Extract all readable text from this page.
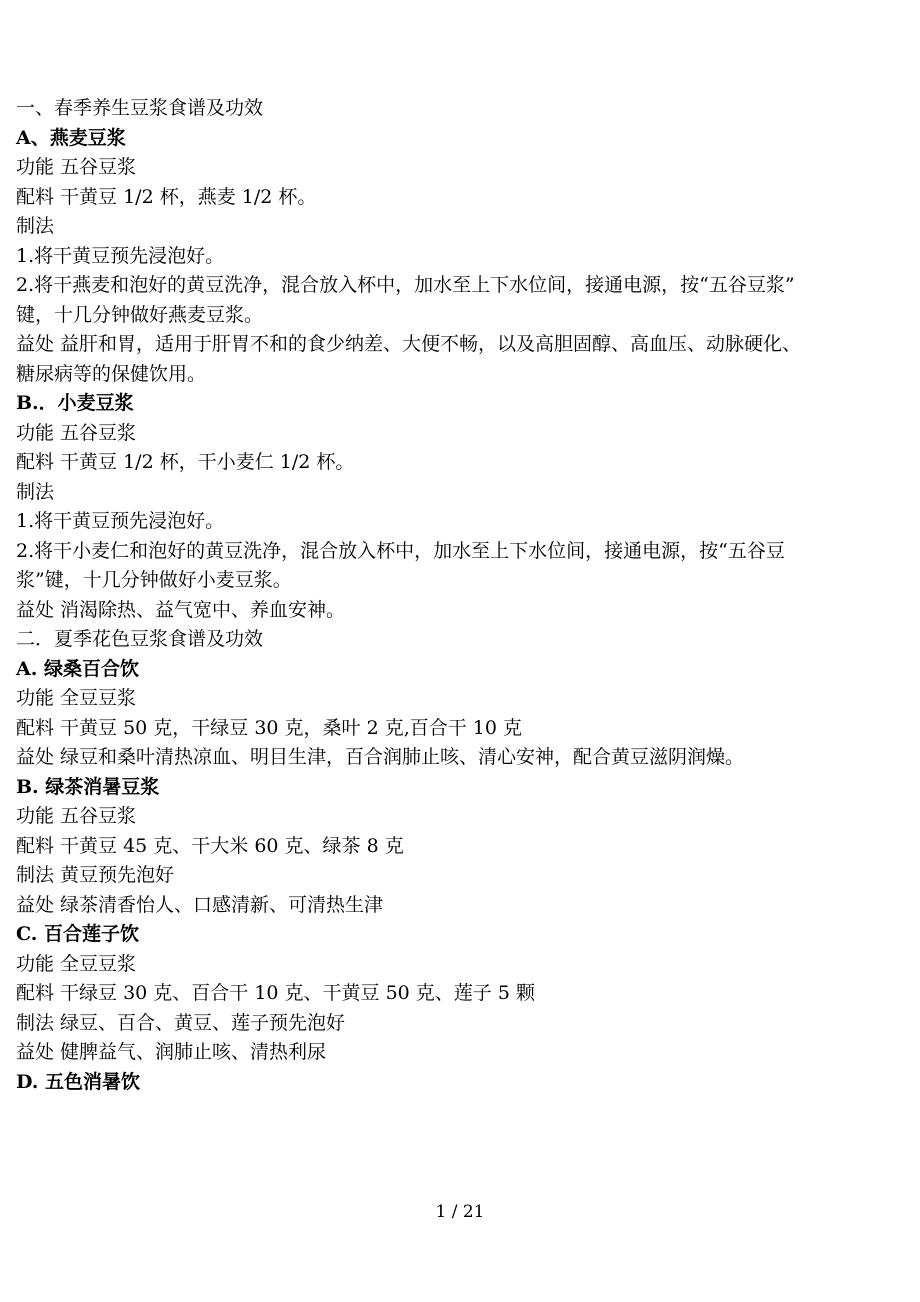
一、春季养生豆浆食谱及功效
A、燕麦豆浆
功能 五谷豆浆
配料 干黄豆 1/2 杯，燕麦 1/2 杯。
制法
1.将干黄豆预先浸泡好。
2.将干燕麦和泡好的黄豆洗净，混合放入杯中，加水至上下水位间，接通电源，按“五谷豆浆”
键，十几分钟做好燕麦豆浆。
益处 益肝和胃，适用于肝胃不和的食少纳差、大便不畅，以及高胆固醇、高血压、动脉硬化、
糖尿病等的保健饮用。
B.．小麦豆浆
功能 五谷豆浆
配料 干黄豆 1/2 杯，干小麦仁 1/2 杯。
制法
1.将干黄豆预先浸泡好。
2.将干小麦仁和泡好的黄豆洗净，混合放入杯中，加水至上下水位间，接通电源，按“五谷豆
浆”键，十几分钟做好小麦豆浆。
益处 消渴除热、益气宽中、养血安神。
二．夏季花色豆浆食谱及功效
A. 绿桑百合饮
功能 全豆豆浆
配料 干黄豆 50 克，干绿豆 30 克，桑叶 2 克,百合干 10 克
益处 绿豆和桑叶清热凉血、明目生津，百合润肺止咳、清心安神，配合黄豆滋阴润燥。
B. 绿茶消暑豆浆
功能 五谷豆浆
配料 干黄豆 45 克、干大米 60 克、绿茶 8 克
制法 黄豆预先泡好
益处 绿茶清香怡人、口感清新、可清热生津
C. 百合莲子饮
功能 全豆豆浆
配料 干绿豆 30 克、百合干 10 克、干黄豆 50 克、莲子 5 颗
制法 绿豆、百合、黄豆、莲子预先泡好
益处 健脾益气、润肺止咳、清热利尿
D. 五色消暑饮
1 / 21
